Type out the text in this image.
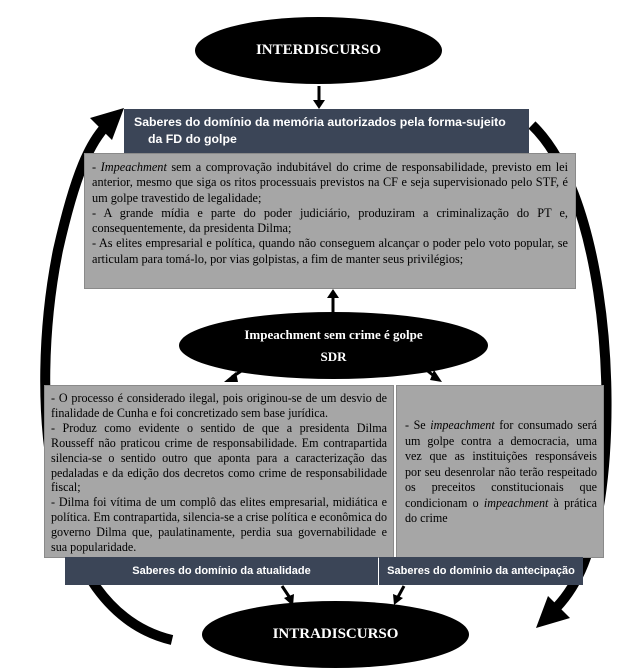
INTERDISCURSO
Saberes do domínio da memória autorizados pela forma-sujeito
da FD do golpe

- Impeachment sem a comprovação indubitável do crime de responsabilidade, previsto em lei anterior, mesmo que siga os ritos processuais previstos na CF e seja supervisionado pelo STF, é um golpe travestido de legalidade;

- A grande mídia e parte do poder judiciário, produziram a criminalização do PT e, consequentemente, da presidenta Dilma;

- As elites empresarial e política, quando não conseguem alcançar o poder pelo voto popular, se articulam para tomá-lo, por vias golpistas, a fim de manter seus privilégios;

Impeachment sem crime é golpe
SDR

- O processo é considerado ilegal, pois originou-se de um desvio de finalidade de Cunha e foi concretizado sem base jurídica.

- Produz como evidente o sentido de que a presidenta Dilma Rousseff não praticou crime de responsabilidade. Em contrapartida silencia-se o sentido outro que aponta para a caracterização das pedaladas e da edição dos decretos como crime de responsabilidade fiscal;

- Dilma foi vítima de um complô das elites empresarial, midiática e política. Em contrapartida, silencia-se a crise política e econômica do governo Dilma que, paulatinamente, perdia sua governabilidade e sua popularidade.

- Se impeachment for consumado será um golpe contra a democracia, uma vez que as instituições responsáveis por seu desenrolar não terão respeitado os preceitos constitucionais que condicionam o impeachment à prática do crime

Saberes do domínio da atualidade	Saberes do domínio da antecipação
INTRADISCURSO
